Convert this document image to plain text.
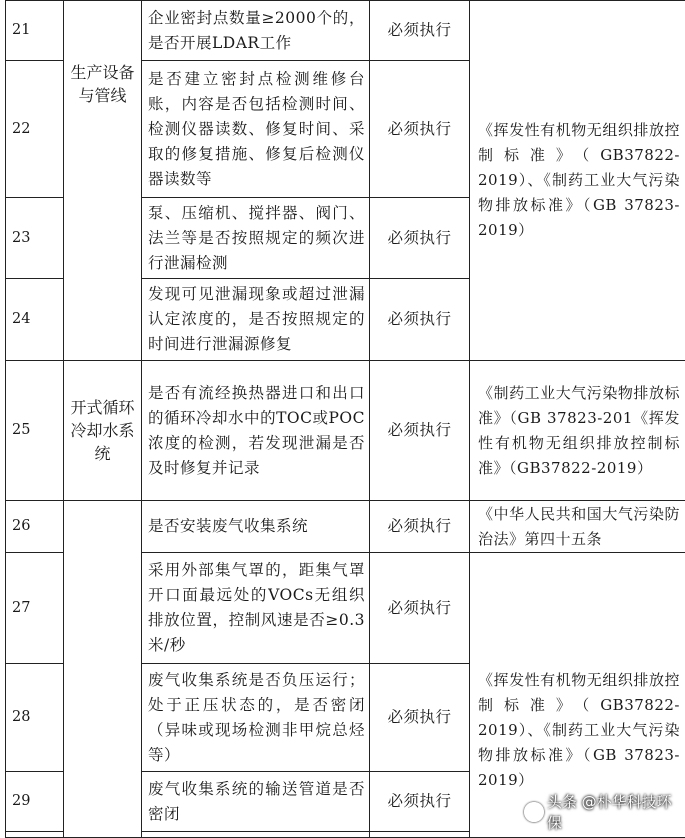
21	生产设备与管线	企业密封点数量≥2000个的，是否开展LDAR工作	必须执行	《挥发性有机物无组织排放控制标准》（GB37822-2019）、《制药工业大气污染物排放标准》（GB 37823-2019）
22		是否建立密封点检测维修台账，内容是否包括检测时间、检测仪器读数、修复时间、采取的修复措施、修复后检测仪器读数等	必须执行	
23		泵、压缩机、搅拌器、阀门、法兰等是否按照规定的频次进行泄漏检测	必须执行	
24		发现可见泄漏现象或超过泄漏认定浓度的，是否按照规定的时间进行泄漏源修复	必须执行	
25	开式循环冷却水系统	是否有流经换热器进口和出口的循环冷却水中的TOC或POC浓度的检测，若发现泄漏是否及时修复并记录	必须执行	《制药工业大气污染物排放标准》（GB 37823-201《挥发性有机物无组织排放控制标准》（GB37822-2019）
26		是否安装废气收集系统	必须执行	《中华人民共和国大气污染防治法》第四十五条
27		采用外部集气罩的，距集气罩开口面最远处的VOCs无组织排放位置，控制风速是否≥0.3米/秒	必须执行	《挥发性有机物无组织排放控制标准》（GB37822-2019）、《制药工业大气污染物排放标准》（GB 37823-2019）

28		废气收集系统是否负压运行；处于正压状态的，是否密闭（异味或现场检测非甲烷总烃等）	必须执行	
29		废气收集系统的输送管道是否密闭	必须执行	
			头条 @朴华科技环保
